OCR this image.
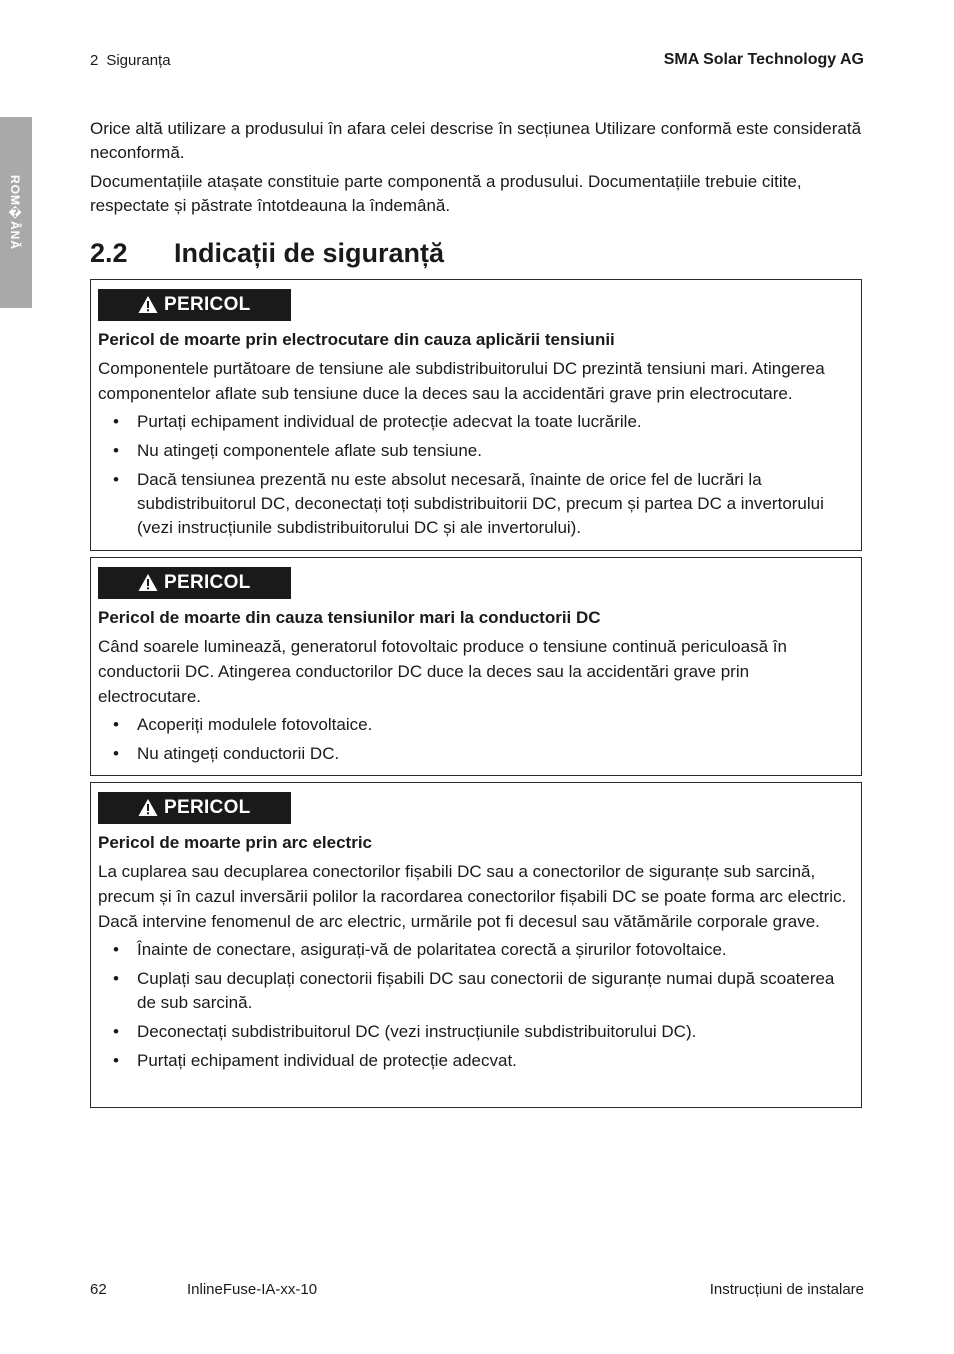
2 Siguranța	SMA Solar Technology AG
ROM�ÂNĂ

Orice altă utilizare a produsului în afara celei descrise în secțiunea Utilizare conformă este considerată neconformă.

Documentațiile atașate constituie parte componentă a produsului. Documentațiile trebuie citite, respectate și păstrate întotdeauna la îndemână.

2.2 Indicații de siguranță
PERICOL

Pericol de moarte prin electrocutare din cauza aplicării tensiunii

Componentele purtătoare de tensiune ale subdistribuitorului DC prezintă tensiuni mari. Atingerea componentelor aflate sub tensiune duce la deces sau la accidentări grave prin electrocutare.

• Purtați echipament individual de protecție adecvat la toate lucrările.
• Nu atingeți componentele aflate sub tensiune.
• Dacă tensiunea prezentă nu este absolut necesară, înainte de orice fel de lucrări la subdistribuitorul DC, deconectați toți subdistribuitorii DC, precum și partea DC a invertorului (vezi instrucțiunile subdistribuitorului DC și ale invertorului).
PERICOL

Pericol de moarte din cauza tensiunilor mari la conductorii DC

Când soarele luminează, generatorul fotovoltaic produce o tensiune continuă periculoasă în conductorii DC. Atingerea conductorilor DC duce la deces sau la accidentări grave prin electrocutare.

• Acoperiți modulele fotovoltaice.
• Nu atingeți conductorii DC.
PERICOL

Pericol de moarte prin arc electric

La cuplarea sau decuplarea conectorilor fișabili DC sau a conectorilor de siguranțe sub sarcină, precum și în cazul inversării polilor la racordarea conectorilor fișabili DC se poate forma arc electric. Dacă intervine fenomenul de arc electric, urmările pot fi decesul sau vătămările corporale grave.

• Înainte de conectare, asigurați-vă de polaritatea corectă a șirurilor fotovoltaice.
• Cuplați sau decuplați conectorii fișabili DC sau conectorii de siguranțe numai după scoaterea de sub sarcină.
• Deconectați subdistribuitorul DC (vezi instrucțiunile subdistribuitorului DC).
• Purtați echipament individual de protecție adecvat.
62	InlineFuse-IA-xx-10	Instrucțiuni de instalare
